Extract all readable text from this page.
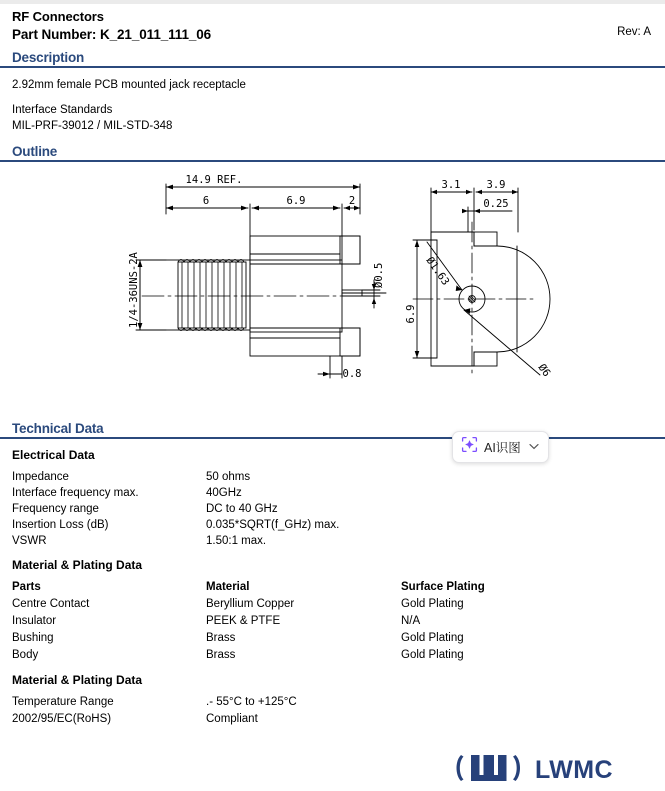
RF Connectors
Part Number: K_21_011_111_06	Rev: A
Description
2.92mm female PCB mounted jack receptacle
Interface Standards
MIL-PRF-39012 / MIL-STD-348
Outline
14.9 REF.
6	6.9	2
0.8
1/4-36UNS-2A	Ø0.5
3.1 3.9
0.25
6.9
Ø1.63
Ø6
Technical Data
Electrical Data
Impedance	50 ohms
Interface frequency max.	40GHz
Frequency range	DC to 40 GHz
Insertion Loss (dB)	0.035*SQRT(f_GHz) max.
VSWR	1.50:1 max.
Material & Plating Data
Parts	Material	Surface Plating
Centre Contact	Beryllium Copper	Gold Plating
Insulator	PEEK & PTFE	N/A
Bushing	Brass	Gold Plating
Body	Brass	Gold Plating
Material & Plating Data
Temperature Range	.- 55°C to +125°C
2002/95/EC(RoHS)	Compliant
AI识图
LWMC
